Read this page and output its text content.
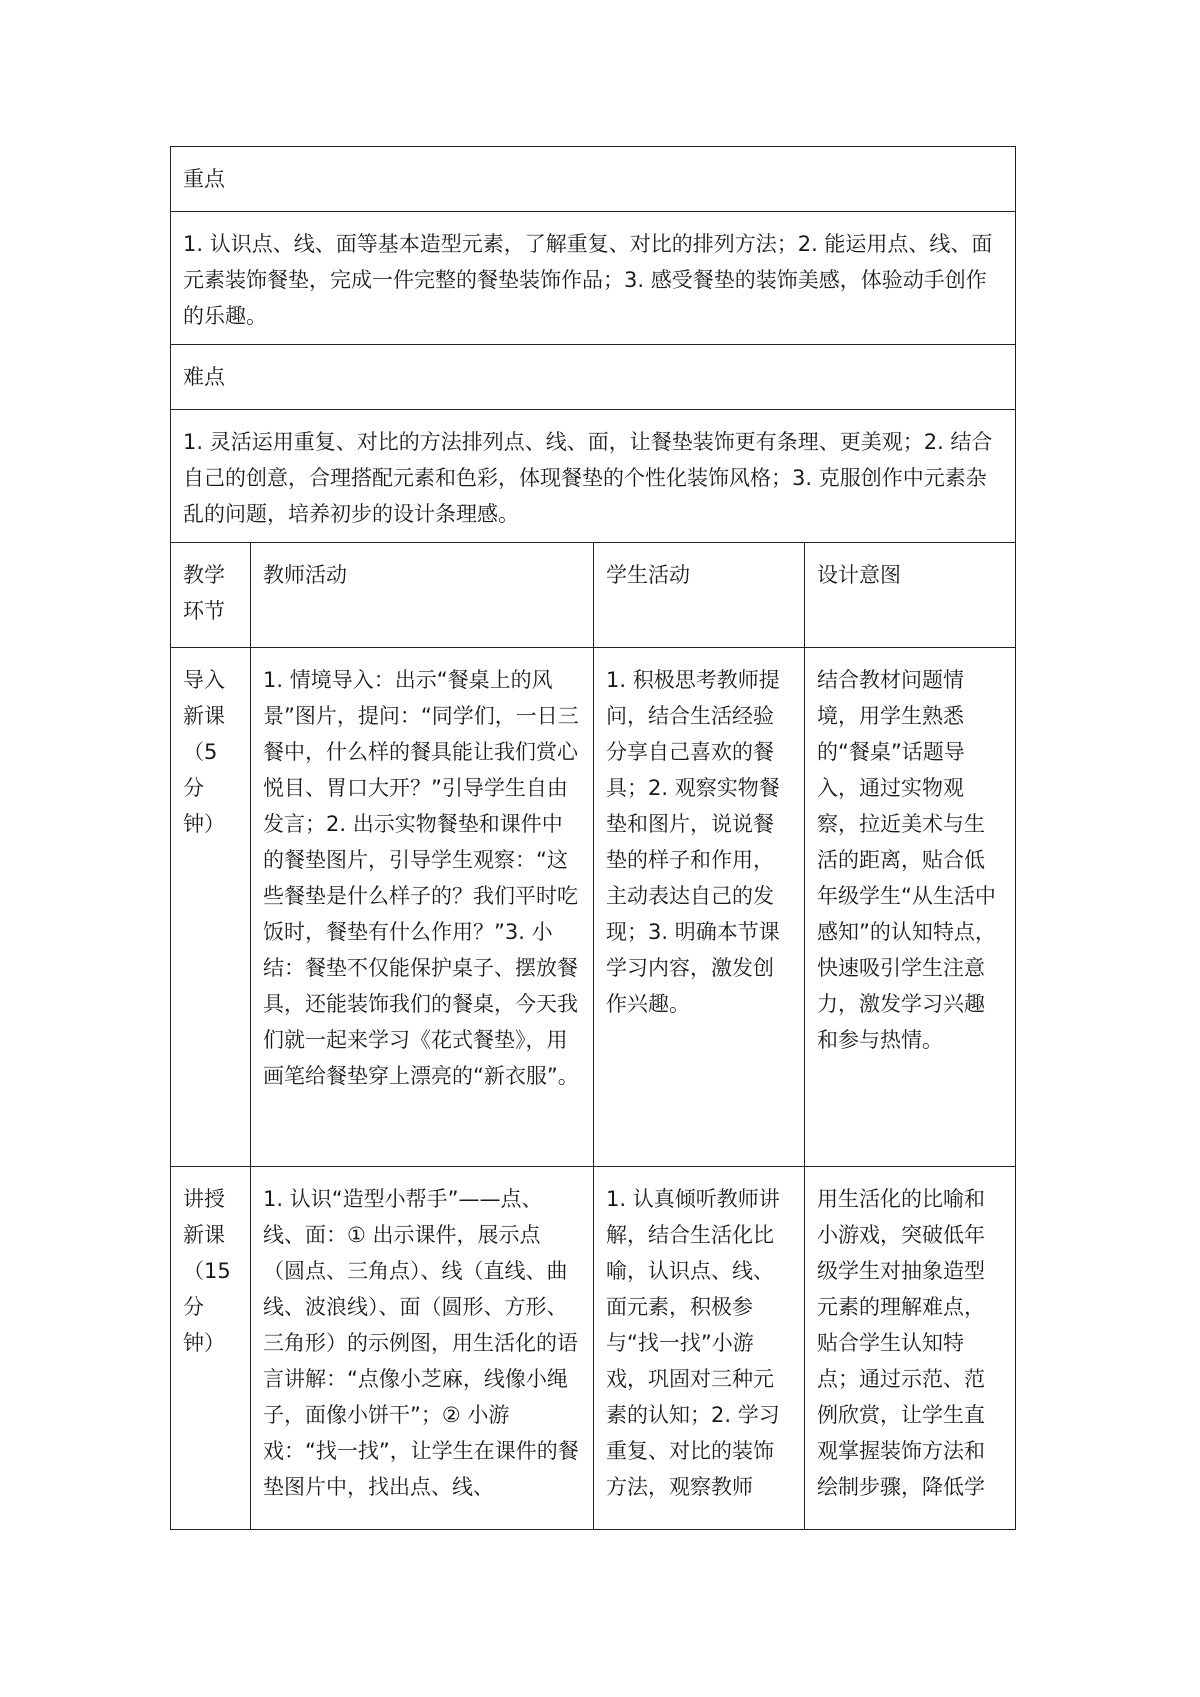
重点			
1. 认识点、线、面等基本造型元素，了解重复、对比的排列方法；2. 能运用点、线、面元素装饰餐垫，完成一件完整的餐垫装饰作品；3. 感受餐垫的装饰美感，体验动手创作的乐趣。			
难点			
1. 灵活运用重复、对比的方法排列点、线、面，让餐垫装饰更有条理、更美观；2. 结合自己的创意，合理搭配元素和色彩，体现餐垫的个性化装饰风格；3. 克服创作中元素杂乱的问题，培养初步的设计条理感。			
教学
环节	教师活动	学生活动	设计意图
导入
新课
（5
分
钟）	1. 情境导入：出示“餐桌上的风景”图片，提问：“同学们，一日三餐中，什么样的餐具能让我们赏心悦目、胃口大开？”引导学生自由发言；2. 出示实物餐垫和课件中的餐垫图片，引导学生观察：“这些餐垫是什么样子的？我们平时吃饭时，餐垫有什么作用？”3. 小结：餐垫不仅能保护桌子、摆放餐具，还能装饰我们的餐桌，今天我们就一起来学习《花式餐垫》，用画笔给餐垫穿上漂亮的“新衣服”。	1. 积极思考教师提问，结合生活经验分享自己喜欢的餐具；2. 观察实物餐垫和图片，说说餐垫的样子和作用，主动表达自己的发现；3. 明确本节课学习内容，激发创作兴趣。	结合教材问题情境，用学生熟悉的“餐桌”话题导入，通过实物观察，拉近美术与生活的距离，贴合低年级学生“从生活中感知”的认知特点，快速吸引学生注意力，激发学习兴趣和参与热情。
讲授
新课
（15
分
钟）	1. 认识“造型小帮手”——点、线、面：① 出示课件，展示点（圆点、三角点）、线（直线、曲线、波浪线）、面（圆形、方形、三角形）的示例图，用生活化的语言讲解：“点像小芝麻，线像小绳子，面像小饼干”；② 小游戏：“找一找”，让学生在课件的餐垫图片中，找出点、线、	1. 认真倾听教师讲解，结合生活化比喻，认识点、线、面元素，积极参与“找一找”小游戏，巩固对三种元素的认知；2. 学习重复、对比的装饰方法，观察教师	用生活化的比喻和小游戏，突破低年级学生对抽象造型元素的理解难点，贴合学生认知特点；通过示范、范例欣赏，让学生直观掌握装饰方法和绘制步骤，降低学
